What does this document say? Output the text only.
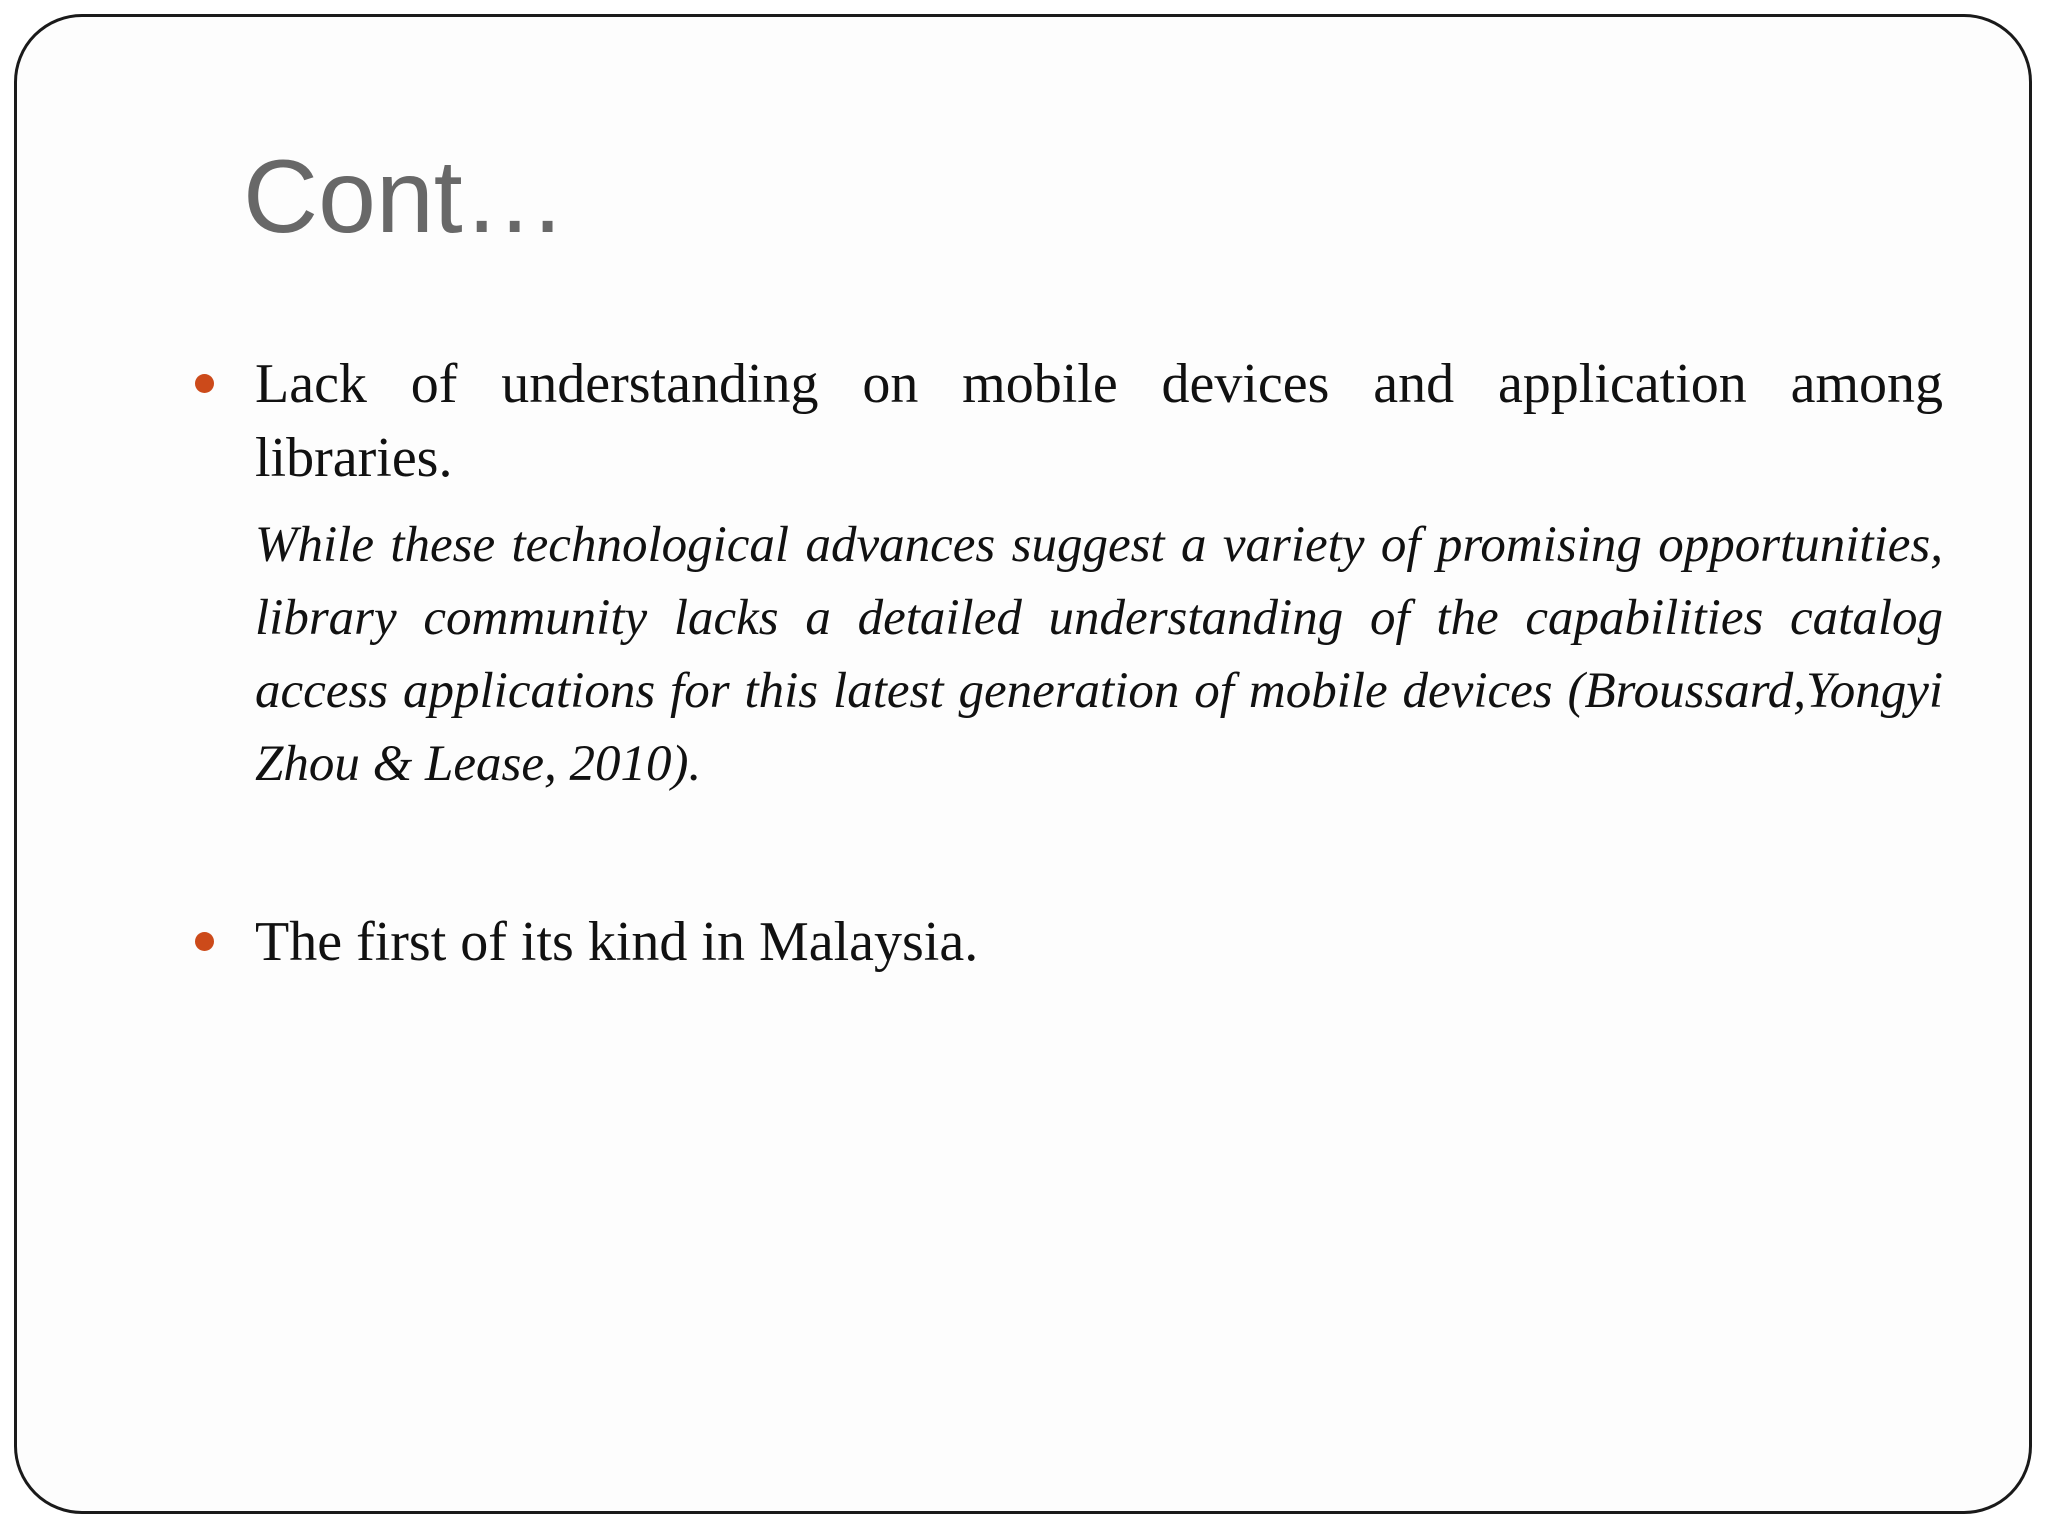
Cont…
Lack of understanding on mobile devices and application among
libraries.
While these technological advances suggest a variety of promising opportunities, library community lacks a detailed understanding of the capabilities catalog access applications for this latest generation of mobile devices (Broussard,Yongyi Zhou & Lease, 2010).
The first of its kind in Malaysia.
